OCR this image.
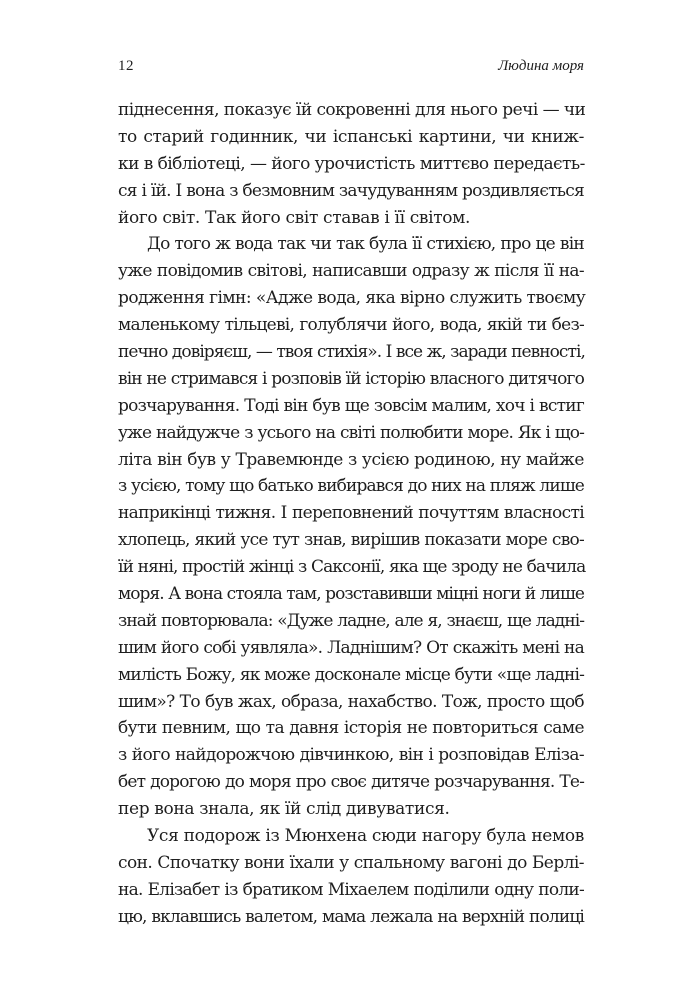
12	Людина моря
піднесення, показує їй сокровенні для нього речі — чи
то старий годинник, чи іспанські картини, чи книж-
ки в бібліотеці, — його урочистість миттєво передаєть-
ся і їй. І вона з безмовним зачудуванням роздивляється
його світ. Так його світ ставав і її світом.
До того ж вода так чи так була її стихією, про це він
уже повідомив світові, написавши одразу ж після її на-
родження гімн: «Адже вода, яка вірно служить твоєму
маленькому тільцеві, голублячи його, вода, якій ти без-
печно довіряєш, — твоя стихія». І все ж, заради певності,
він не стримався і розповів їй історію власного дитячого
розчарування. Тоді він був ще зовсім малим, хоч і встиг
уже найдужче з усього на світі полюбити море. Як і що-
літа він був у Травемюнде з усією родиною, ну майже
з усією, тому що батько вибирався до них на пляж лише
наприкінці тижня. І переповнений почуттям власності
хлопець, який усе тут знав, вирішив показати море сво-
їй няні, простій жінці з Саксонії, яка ще зроду не бачила
моря. А вона стояла там, розставивши міцні ноги й лише
знай повторювала: «Дуже ладне, але я, знаєш, ще ладні-
шим його собі уявляла». Ладнішим? От скажіть мені на
милість Божу, як може досконале місце бути «ще ладні-
шим»? То був жах, образа, нахабство. Тож, просто щоб
бути певним, що та давня історія не повториться саме
з його найдорожчою дівчинкою, він і розповідав Елізa-
бет дорогою до моря про своє дитяче розчарування. Те-
пер вона знала, як їй слід дивуватися.
Уся подорож із Мюнхена сюди нагору була немов
сон. Спочатку вони їхали у спальному вагоні до Берлі-
на. Елізабет із братиком Міхаелем поділили одну поли-
цю, вклавшись валетом, мама лежала на верхній полиці
